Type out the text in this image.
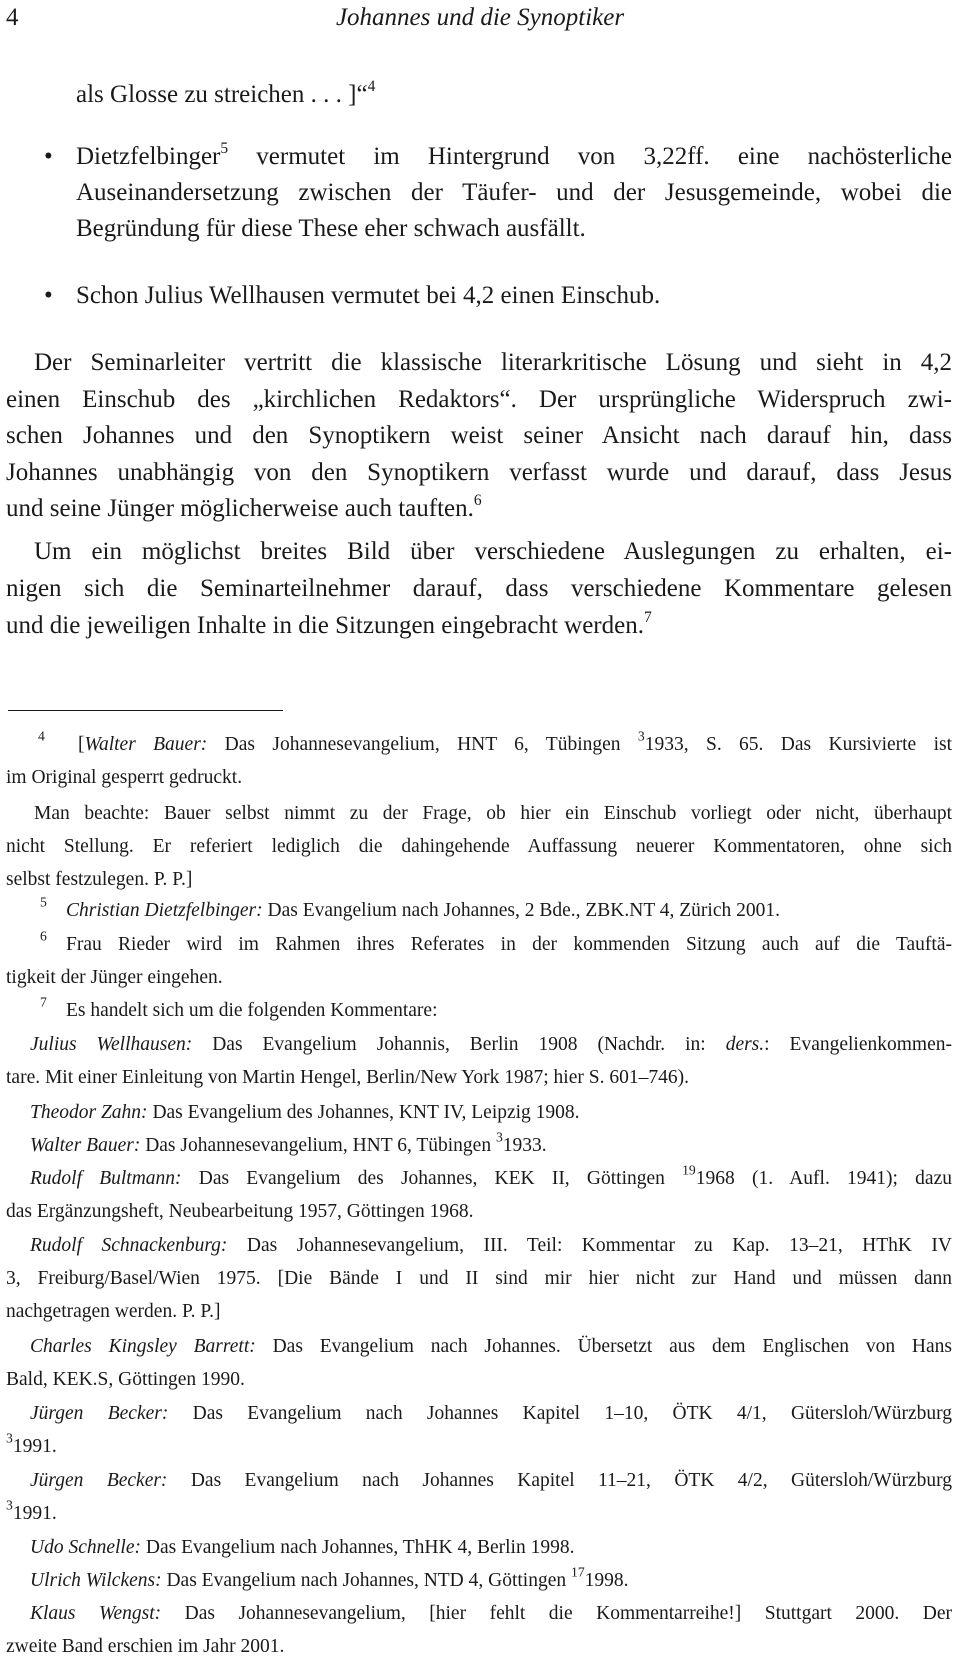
4	Johannes und die Synoptiker
als Glosse zu streichen . . . ]“$^4$
• Dietzfelbinger$^5$ vermutet im Hintergrund von 3,22ff. eine nachösterliche
Auseinandersetzung zwischen der Täufer- und der Jesusgemeinde, wobei die
Begründung für diese These eher schwach ausfällt.
• Schon Julius Wellhausen vermutet bei 4,2 einen Einschub.
Der Seminarleiter vertritt die klassische literarkritische Lösung und sieht in 4,2
einen Einschub des „kirchlichen Redaktors“. Der ursprüngliche Widerspruch zwi-
schen Johannes und den Synoptikern weist seiner Ansicht nach darauf hin, dass
Johannes unabhängig von den Synoptikern verfasst wurde und darauf, dass Jesus
und seine Jünger möglicherweise auch tauften.$^6$
Um ein möglichst breites Bild über verschiedene Auslegungen zu erhalten, ei-
nigen sich die Seminarteilnehmer darauf, dass verschiedene Kommentare gelesen
und die jeweiligen Inhalte in die Sitzungen eingebracht werden.$^7$
$^4$ [Walter Bauer: Das Johannesevangelium, HNT 6, Tübingen $^3$1933, S. 65. Das Kursivierte ist
im Original gesperrt gedruckt.
Man beachte: Bauer selbst nimmt zu der Frage, ob hier ein Einschub vorliegt oder nicht, überhaupt
nicht Stellung. Er referiert lediglich die dahingehende Auffassung neuerer Kommentatoren, ohne sich
selbst festzulegen. P. P.]
$^5$ Christian Dietzfelbinger: Das Evangelium nach Johannes, 2 Bde., ZBK.NT 4, Zürich 2001.
$^6$ Frau Rieder wird im Rahmen ihres Referates in der kommenden Sitzung auch auf die Tauftä-
tigkeit der Jünger eingehen.
$^7$ Es handelt sich um die folgenden Kommentare:
Julius Wellhausen: Das Evangelium Johannis, Berlin 1908 (Nachdr. in: ders.: Evangelienkommen-
tare. Mit einer Einleitung von Martin Hengel, Berlin/New York 1987; hier S. 601–746).
Theodor Zahn: Das Evangelium des Johannes, KNT IV, Leipzig 1908.
Walter Bauer: Das Johannesevangelium, HNT 6, Tübingen $^3$1933.
Rudolf Bultmann: Das Evangelium des Johannes, KEK II, Göttingen $^{19}$1968 (1. Aufl. 1941); dazu
das Ergänzungsheft, Neubearbeitung 1957, Göttingen 1968.
Rudolf Schnackenburg: Das Johannesevangelium, III. Teil: Kommentar zu Kap. 13–21, HThK IV
3, Freiburg/Basel/Wien 1975. [Die Bände I und II sind mir hier nicht zur Hand und müssen dann
nachgetragen werden. P. P.]
Charles Kingsley Barrett: Das Evangelium nach Johannes. Übersetzt aus dem Englischen von Hans
Bald, KEK.S, Göttingen 1990.
Jürgen Becker: Das Evangelium nach Johannes Kapitel 1–10, ÖTK 4/1, Gütersloh/Würzburg
$^3$1991.
Jürgen Becker: Das Evangelium nach Johannes Kapitel 11–21, ÖTK 4/2, Gütersloh/Würzburg
$^3$1991.
Udo Schnelle: Das Evangelium nach Johannes, ThHK 4, Berlin 1998.
Ulrich Wilckens: Das Evangelium nach Johannes, NTD 4, Göttingen $^{17}$1998.
Klaus Wengst: Das Johannesevangelium, [hier fehlt die Kommentarreihe!] Stuttgart 2000. Der
zweite Band erschien im Jahr 2001.
